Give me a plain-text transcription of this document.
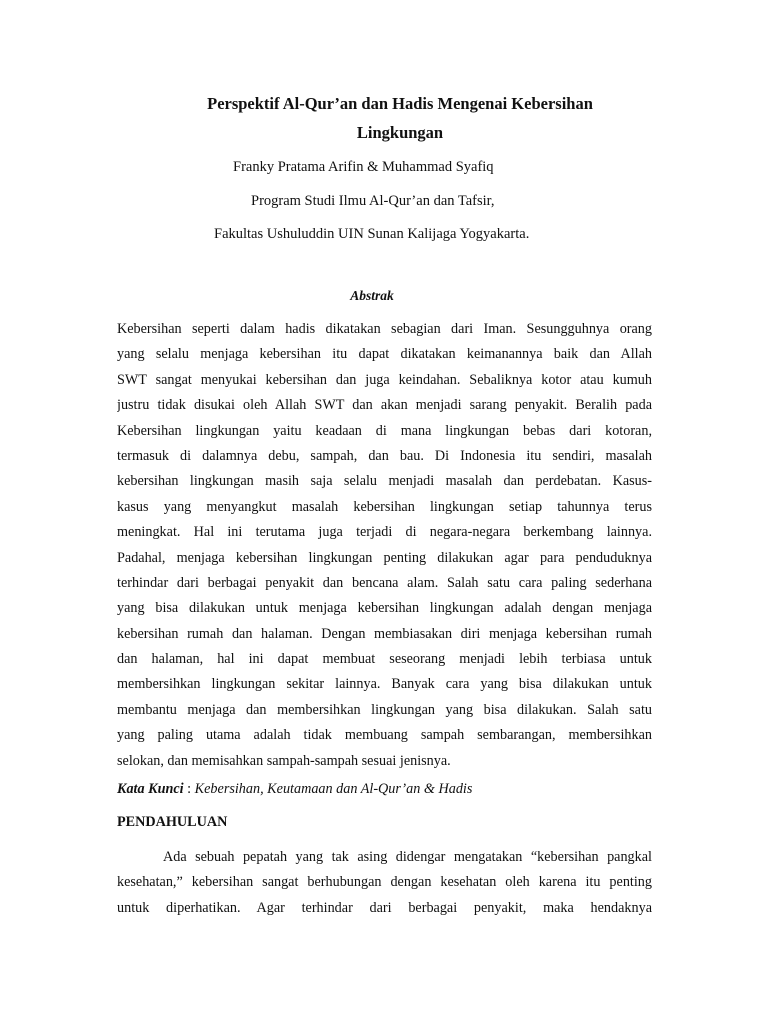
Perspektif Al-Qur’an dan Hadis Mengenai Kebersihan
Lingkungan
Franky Pratama Arifin & Muhammad Syafiq
Program Studi Ilmu Al-Qur’an dan Tafsir,
Fakultas Ushuluddin UIN Sunan Kalijaga Yogyakarta.
Abstrak
Kebersihan seperti dalam hadis dikatakan sebagian dari Iman. Sesungguhnya orang
yang selalu menjaga kebersihan itu dapat dikatakan keimanannya baik dan Allah
SWT sangat menyukai kebersihan dan juga keindahan. Sebaliknya kotor atau kumuh
justru tidak disukai oleh Allah SWT dan akan menjadi sarang penyakit. Beralih pada
Kebersihan lingkungan yaitu keadaan di mana lingkungan bebas dari kotoran,
termasuk di dalamnya debu, sampah, dan bau. Di Indonesia itu sendiri, masalah
kebersihan lingkungan masih saja selalu menjadi masalah dan perdebatan. Kasus-
kasus yang menyangkut masalah kebersihan lingkungan setiap tahunnya terus
meningkat. Hal ini terutama juga terjadi di negara-negara berkembang lainnya.
Padahal, menjaga kebersihan lingkungan penting dilakukan agar para penduduknya
terhindar dari berbagai penyakit dan bencana alam. Salah satu cara paling sederhana
yang bisa dilakukan untuk menjaga kebersihan lingkungan adalah dengan menjaga
kebersihan rumah dan halaman. Dengan membiasakan diri menjaga kebersihan rumah
dan halaman, hal ini dapat membuat seseorang menjadi lebih terbiasa untuk
membersihkan lingkungan sekitar lainnya. Banyak cara yang bisa dilakukan untuk
membantu menjaga dan membersihkan lingkungan yang bisa dilakukan. Salah satu
yang paling utama adalah tidak membuang sampah sembarangan, membersihkan
selokan, dan memisahkan sampah-sampah sesuai jenisnya.
Kata Kunci : Kebersihan, Keutamaan dan Al-Qur’an & Hadis
PENDAHULUAN
Ada sebuah pepatah yang tak asing didengar mengatakan “kebersihan pangkal
kesehatan,” kebersihan sangat berhubungan dengan kesehatan oleh karena itu penting
untuk diperhatikan. Agar terhindar dari berbagai penyakit, maka hendaknya
